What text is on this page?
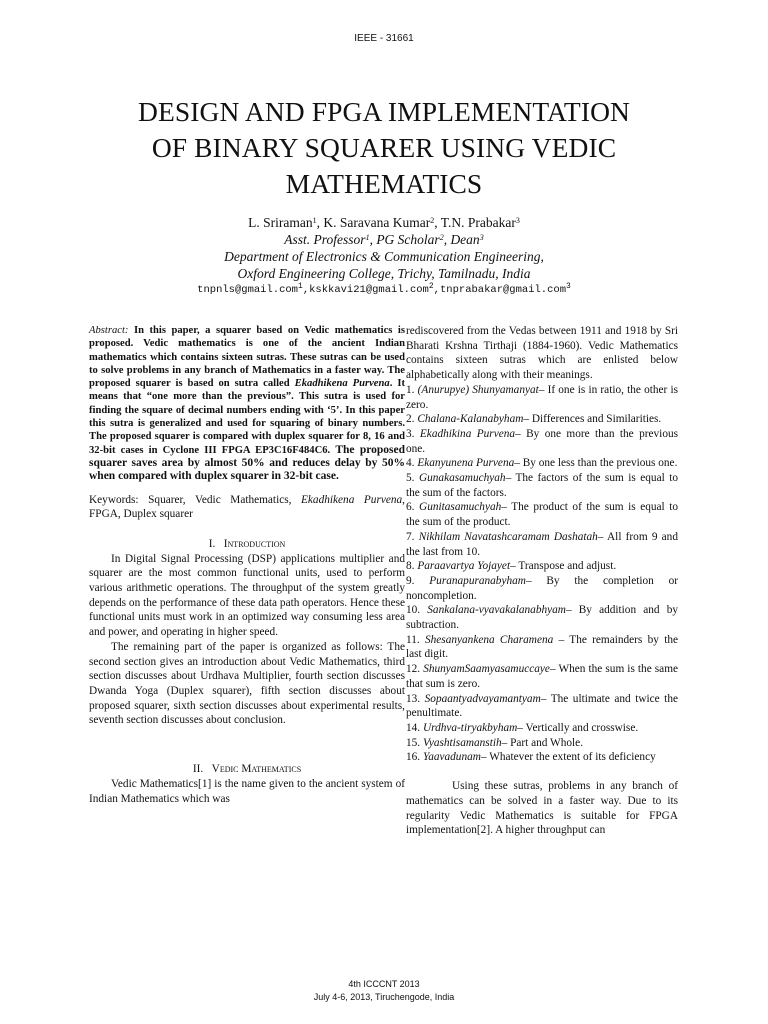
IEEE - 31661
DESIGN AND FPGA IMPLEMENTATION
OF BINARY SQUARER USING VEDIC
MATHEMATICS
L. Sriraman$^1$, K. Saravana Kumar$^2$, T.N. Prabakar$^3$
Asst. Professor$^1$, PG Scholar$^2$, Dean$^3$
Department of Electronics & Communication Engineering,
Oxford Engineering College, Trichy, Tamilnadu, India
tnpnls@gmail.com$^1$,kskkavi21@gmail.com$^2$,tnprabakar@gmail.com$^3$

Abstract: In this paper, a squarer based on Vedic mathematics is proposed. Vedic mathematics is one of the ancient Indian mathematics which contains sixteen sutras. These sutras can be used to solve problems in any branch of Mathematics in a faster way. The proposed squarer is based on sutra called Ekadhikena Purvena. It means that “one more than the previous”. This sutra is used for finding the square of decimal numbers ending with ‘5’. In this paper this sutra is generalized and used for squaring of binary numbers. The proposed squarer is compared with duplex squarer for 8, 16 and 32-bit cases in Cyclone III FPGA EP3C16F484C6. The proposed squarer saves area by almost 50% and reduces delay by 50% when compared with duplex squarer in 32-bit case.

Keywords: Squarer, Vedic Mathematics, Ekadhikena Purvena, FPGA, Duplex squarer

I. Introduction

In Digital Signal Processing (DSP) applications multiplier and squarer are the most common functional units, used to perform various arithmetic operations. The throughput of the system greatly depends on the performance of these data path operators. Hence these functional units must work in an optimized way consuming less area and power, and operating in higher speed.

The remaining part of the paper is organized as follows: The second section gives an introduction about Vedic Mathematics, third section discusses about Urdhava Multiplier, fourth section discusses Dwanda Yoga (Duplex squarer), fifth section discusses about proposed squarer, sixth section discusses about experimental results, seventh section discusses about conclusion.

II. Vedic Mathematics

Vedic Mathematics[1] is the name given to the ancient system of Indian Mathematics which was

rediscovered from the Vedas between 1911 and 1918 by Sri Bharati Krshna Tirthaji (1884-1960). Vedic Mathematics contains sixteen sutras which are enlisted below alphabetically along with their meanings.

1. (Anurupye) Shunyamanyat– If one is in ratio, the other is zero.

2. Chalana-Kalanabyham– Differences and Similarities.

3. Ekadhikina Purvena– By one more than the previous one.

4. Ekanyunena Purvena– By one less than the previous one.

5. Gunakasamuchyah– The factors of the sum is equal to the sum of the factors.

6. Gunitasamuchyah– The product of the sum is equal to the sum of the product.

7. Nikhilam Navatashcaramam Dashatah– All from 9 and the last from 10.

8. Paraavartya Yojayet– Transpose and adjust.

9. Puranapuranabyham– By the completion or noncompletion.

10. Sankalana-vyavakalanabhyam– By addition and by subtraction.

11. Shesanyankena Charamena – The remainders by the last digit.

12. ShunyamSaamyasamuccaye– When the sum is the same that sum is zero.

13. Sopaantyadvayamantyam– The ultimate and twice the penultimate.

14. Urdhva-tiryakbyham– Vertically and crosswise.

15. Vyashtisamanstih– Part and Whole.

16. Yaavadunam– Whatever the extent of its deficiency

Using these sutras, problems in any branch of mathematics can be solved in a faster way. Due to its regularity Vedic Mathematics is suitable for FPGA implementation[2]. A higher throughput can

4th ICCCNT 2013
July 4-6, 2013, Tiruchengode, India
